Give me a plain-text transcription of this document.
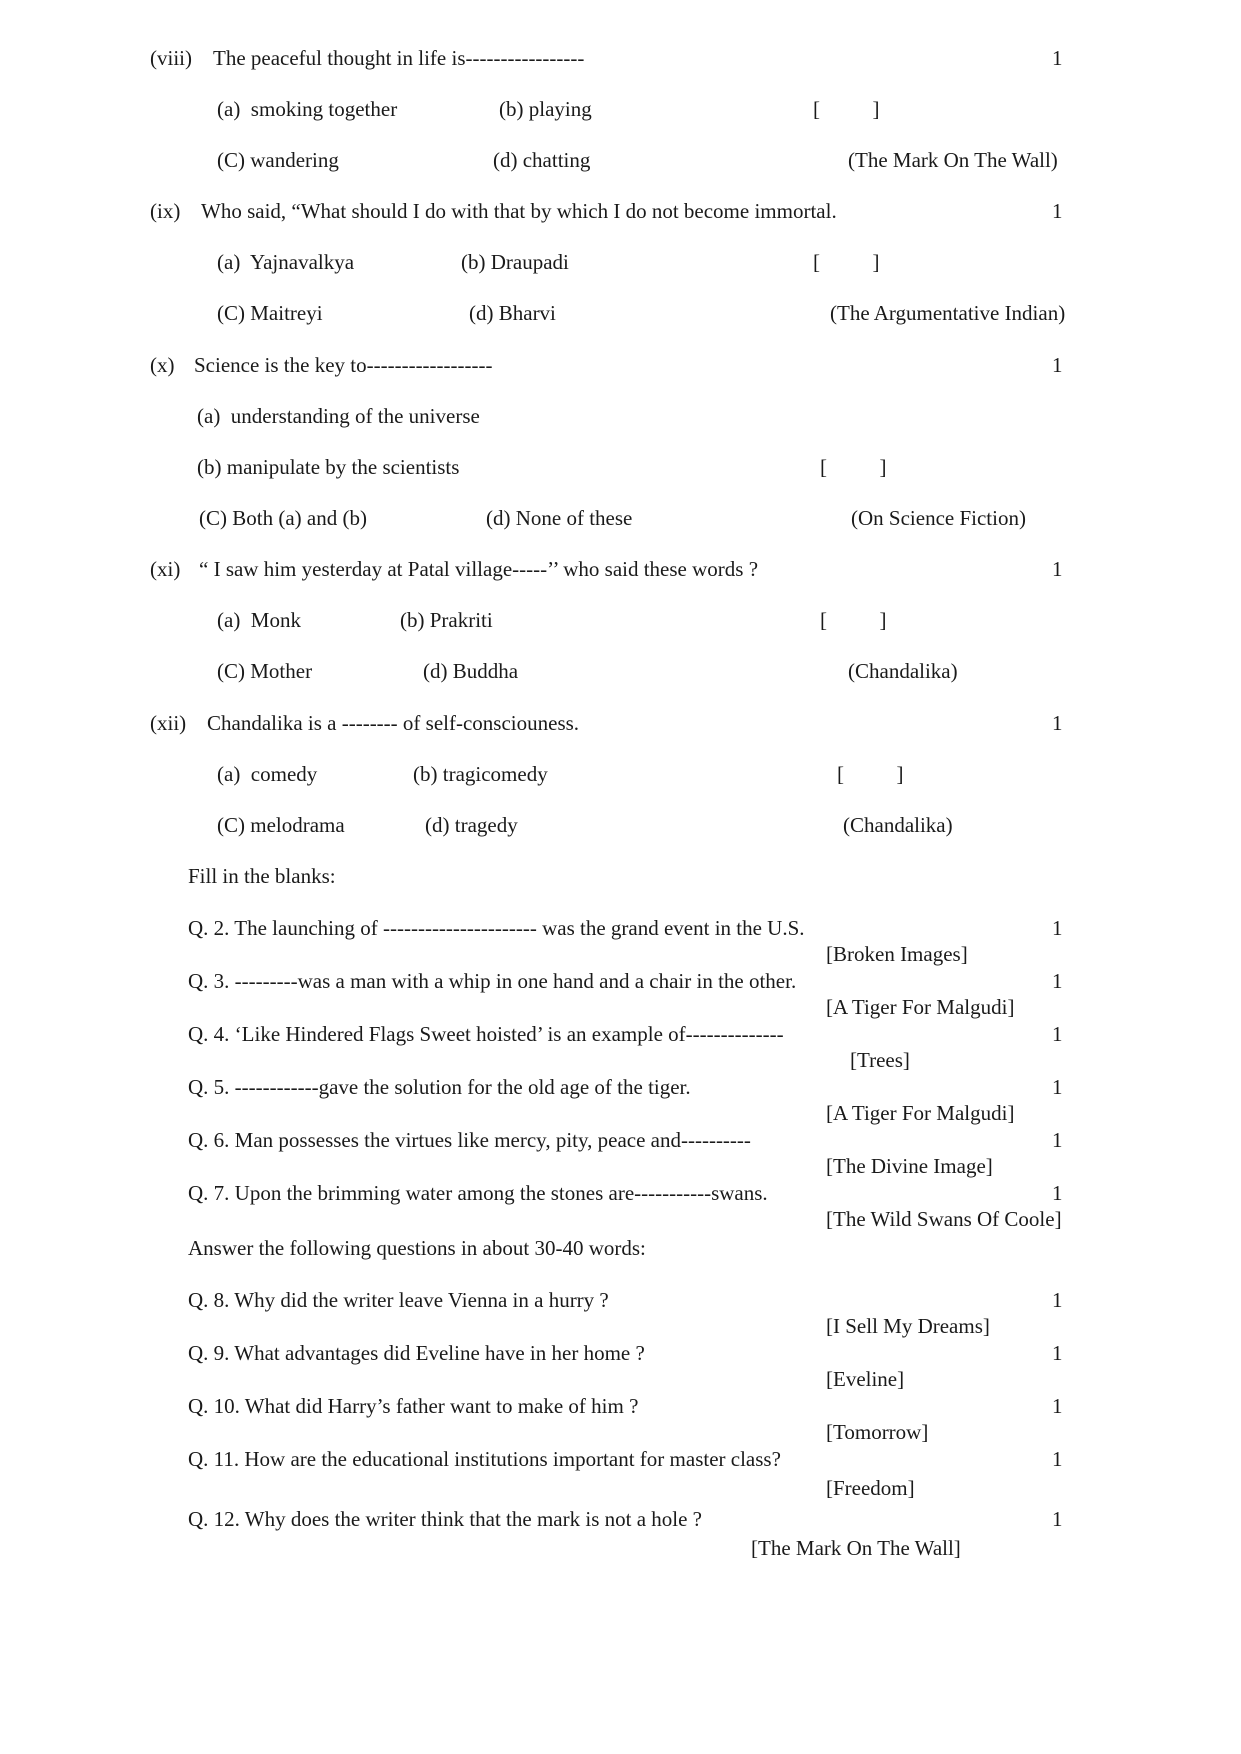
(viii) The peaceful thought in life is-----------------	1
(a)  smoking together	(b) playing	[          ]
(C) wandering	(d) chatting	(The Mark On The Wall)
(ix) Who said, “What should I do with that by which I do not become immortal.	1
(a)  Yajnavalkya	(b) Draupadi	[          ]
(C) Maitreyi	(d) Bharvi	(The Argumentative Indian)
(x) Science is the key to------------------	1
(a)  understanding of the universe
(b) manipulate by the scientists	[          ]
(C) Both (a) and (b)	(d) None of these	(On Science Fiction)
(xi) “ I saw him yesterday at Patal village-----’’ who said these words ?	1
(a)  Monk	(b) Prakriti	[          ]
(C) Mother	(d) Buddha	(Chandalika)
(xii) Chandalika is a -------- of self-consciouness.	1
(a)  comedy	(b) tragicomedy	[          ]
(C) melodrama	(d) tragedy	(Chandalika)
Fill in the blanks:
Q. 2. The launching of ---------------------- was the grand event in the U.S.	1
[Broken Images]
Q. 3. ---------was a man with a whip in one hand and a chair in the other.	1
[A Tiger For Malgudi]
Q. 4. ‘Like Hindered Flags Sweet hoisted’ is an example of--------------	1
[Trees]
Q. 5. ------------gave the solution for the old age of the tiger.	1
[A Tiger For Malgudi]
Q. 6. Man possesses the virtues like mercy, pity, peace and----------	1
[The Divine Image]
Q. 7. Upon the brimming water among the stones are-----------swans.	1
[The Wild Swans Of Coole]
Answer the following questions in about 30-40 words:
Q. 8. Why did the writer leave Vienna in a hurry ?	1
[I Sell My Dreams]
Q. 9. What advantages did Eveline have in her home ?	1
[Eveline]
Q. 10. What did Harry’s father want to make of him ?	1
[Tomorrow]
Q. 11. How are the educational institutions important for master class?	1
[Freedom]
Q. 12. Why does the writer think that the mark is not a hole ?	1
[The Mark On The Wall]
